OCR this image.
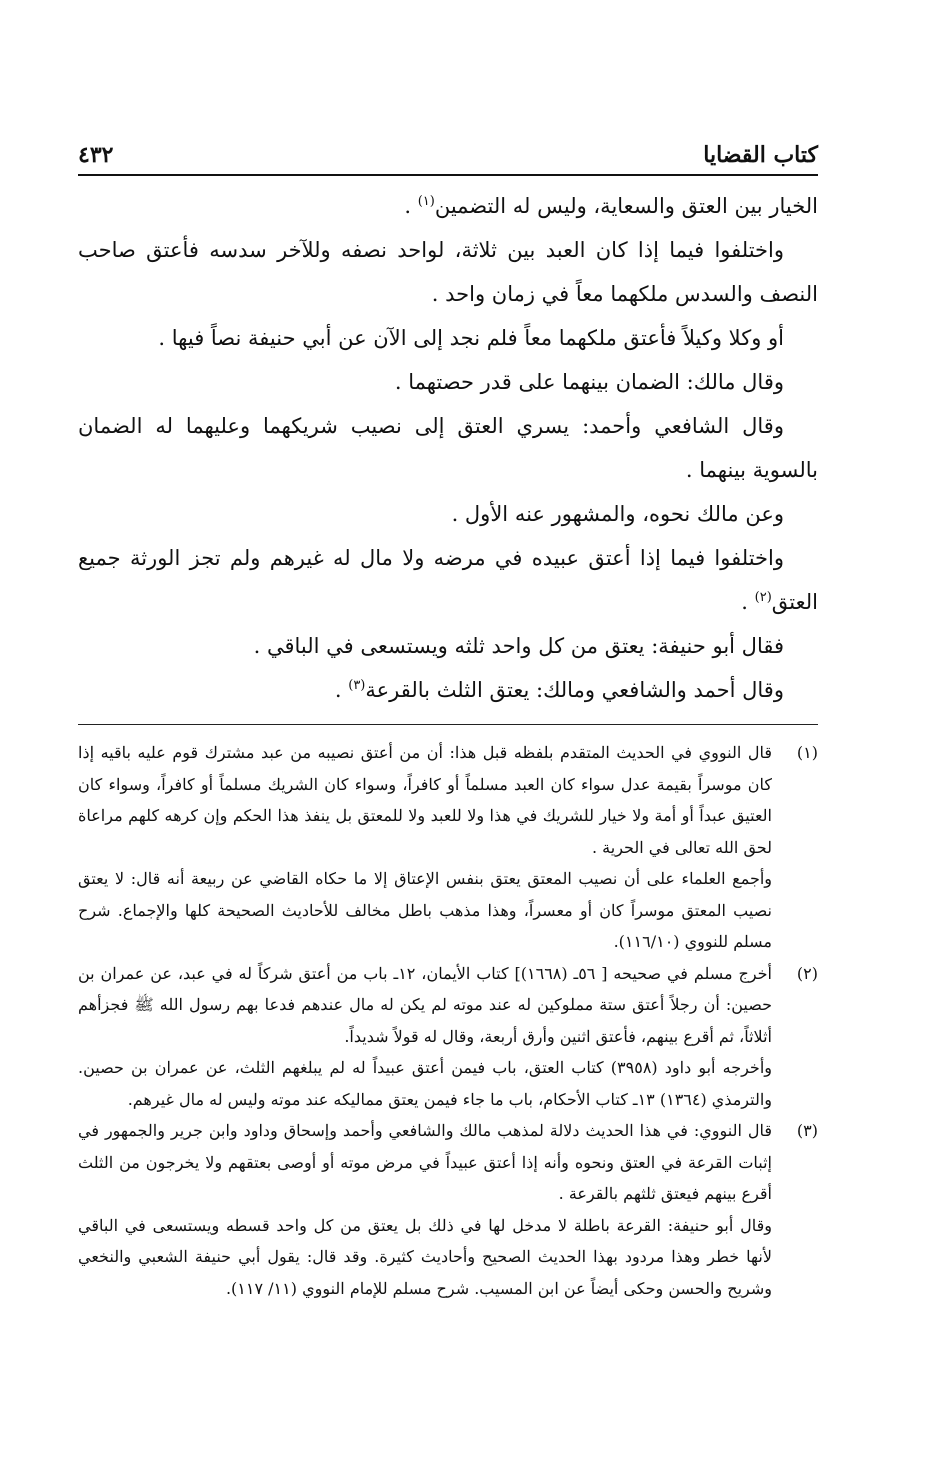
كتاب القضايا
٤٣٢

الخيار بين العتق والسعاية، وليس له التضمين$^{(١)}$ .

واختلفوا فيما إذا كان العبد بين ثلاثة، لواحد نصفه وللآخر سدسه فأعتق صاحب النصف والسدس ملكهما معاً في زمان واحد .

أو وكلا وكيلاً فأعتق ملكهما معاً فلم نجد إلى الآن عن أبي حنيفة نصاً فيها .

وقال مالك: الضمان بينهما على قدر حصتهما .

وقال الشافعي وأحمد: يسري العتق إلى نصيب شريكهما وعليهما له الضمان بالسوية بينهما .

وعن مالك نحوه، والمشهور عنه الأول .

واختلفوا فيما إذا أعتق عبيده في مرضه ولا مال له غيرهم ولم تجز الورثة جميع العتق$^{(٢)}$ .

فقال أبو حنيفة: يعتق من كل واحد ثلثه ويستسعى في الباقي .

وقال أحمد والشافعي ومالك: يعتق الثلث بالقرعة$^{(٣)}$ .

(١)

قال النووي في الحديث المتقدم بلفظه قبل هذا: أن من أعتق نصيبه من عبد مشترك قوم عليه باقيه إذا كان موسراً بقيمة عدل سواء كان العبد مسلماً أو كافراً، وسواء كان الشريك مسلماً أو كافراً، وسواء كان العتيق عبداً أو أمة ولا خيار للشريك في هذا ولا للعبد ولا للمعتق بل ينفذ هذا الحكم وإن كرهه كلهم مراعاة لحق الله تعالى في الحرية .

وأجمع العلماء على أن نصيب المعتق يعتق بنفس الإعتاق إلا ما حكاه القاضي عن ربيعة أنه قال: لا يعتق نصيب المعتق موسراً كان أو معسراً، وهذا مذهب باطل مخالف للأحاديث الصحيحة كلها والإجماع. شرح مسلم للنووي (١١٦/١٠).

(٢)

أخرج مسلم في صحيحه [ ٥٦ـ (١٦٦٨)] كتاب الأيمان، ١٢ـ باب من أعتق شركاً له في عبد، عن عمران بن حصين: أن رجلاً أعتق ستة مملوكين له عند موته لم يكن له مال عندهم فدعا بهم رسول الله ﷺ فجزأهم أثلاثاً، ثم أقرع بينهم، فأعتق اثنين وأرق أربعة، وقال له قولاً شديداً.

وأخرجه أبو داود (٣٩٥٨) كتاب العتق، باب فيمن أعتق عبيداً له لم يبلغهم الثلث، عن عمران بن حصين. والترمذي (١٣٦٤) ١٣ـ كتاب الأحكام، باب ما جاء فيمن يعتق مماليكه عند موته وليس له مال غيرهم.

(٣)

قال النووي: في هذا الحديث دلالة لمذهب مالك والشافعي وأحمد وإسحاق وداود وابن جرير والجمهور في إثبات القرعة في العتق ونحوه وأنه إذا أعتق عبيداً في مرض موته أو أوصى بعتقهم ولا يخرجون من الثلث أقرع بينهم فيعتق ثلثهم بالقرعة .

وقال أبو حنيفة: القرعة باطلة لا مدخل لها في ذلك بل يعتق من كل واحد قسطه ويستسعى في الباقي لأنها خطر وهذا مردود بهذا الحديث الصحيح وأحاديث كثيرة. وقد قال: يقول أبي حنيفة الشعبي والنخعي وشريح والحسن وحكى أيضاً عن ابن المسيب. شرح مسلم للإمام النووي (١١/ ١١٧).
